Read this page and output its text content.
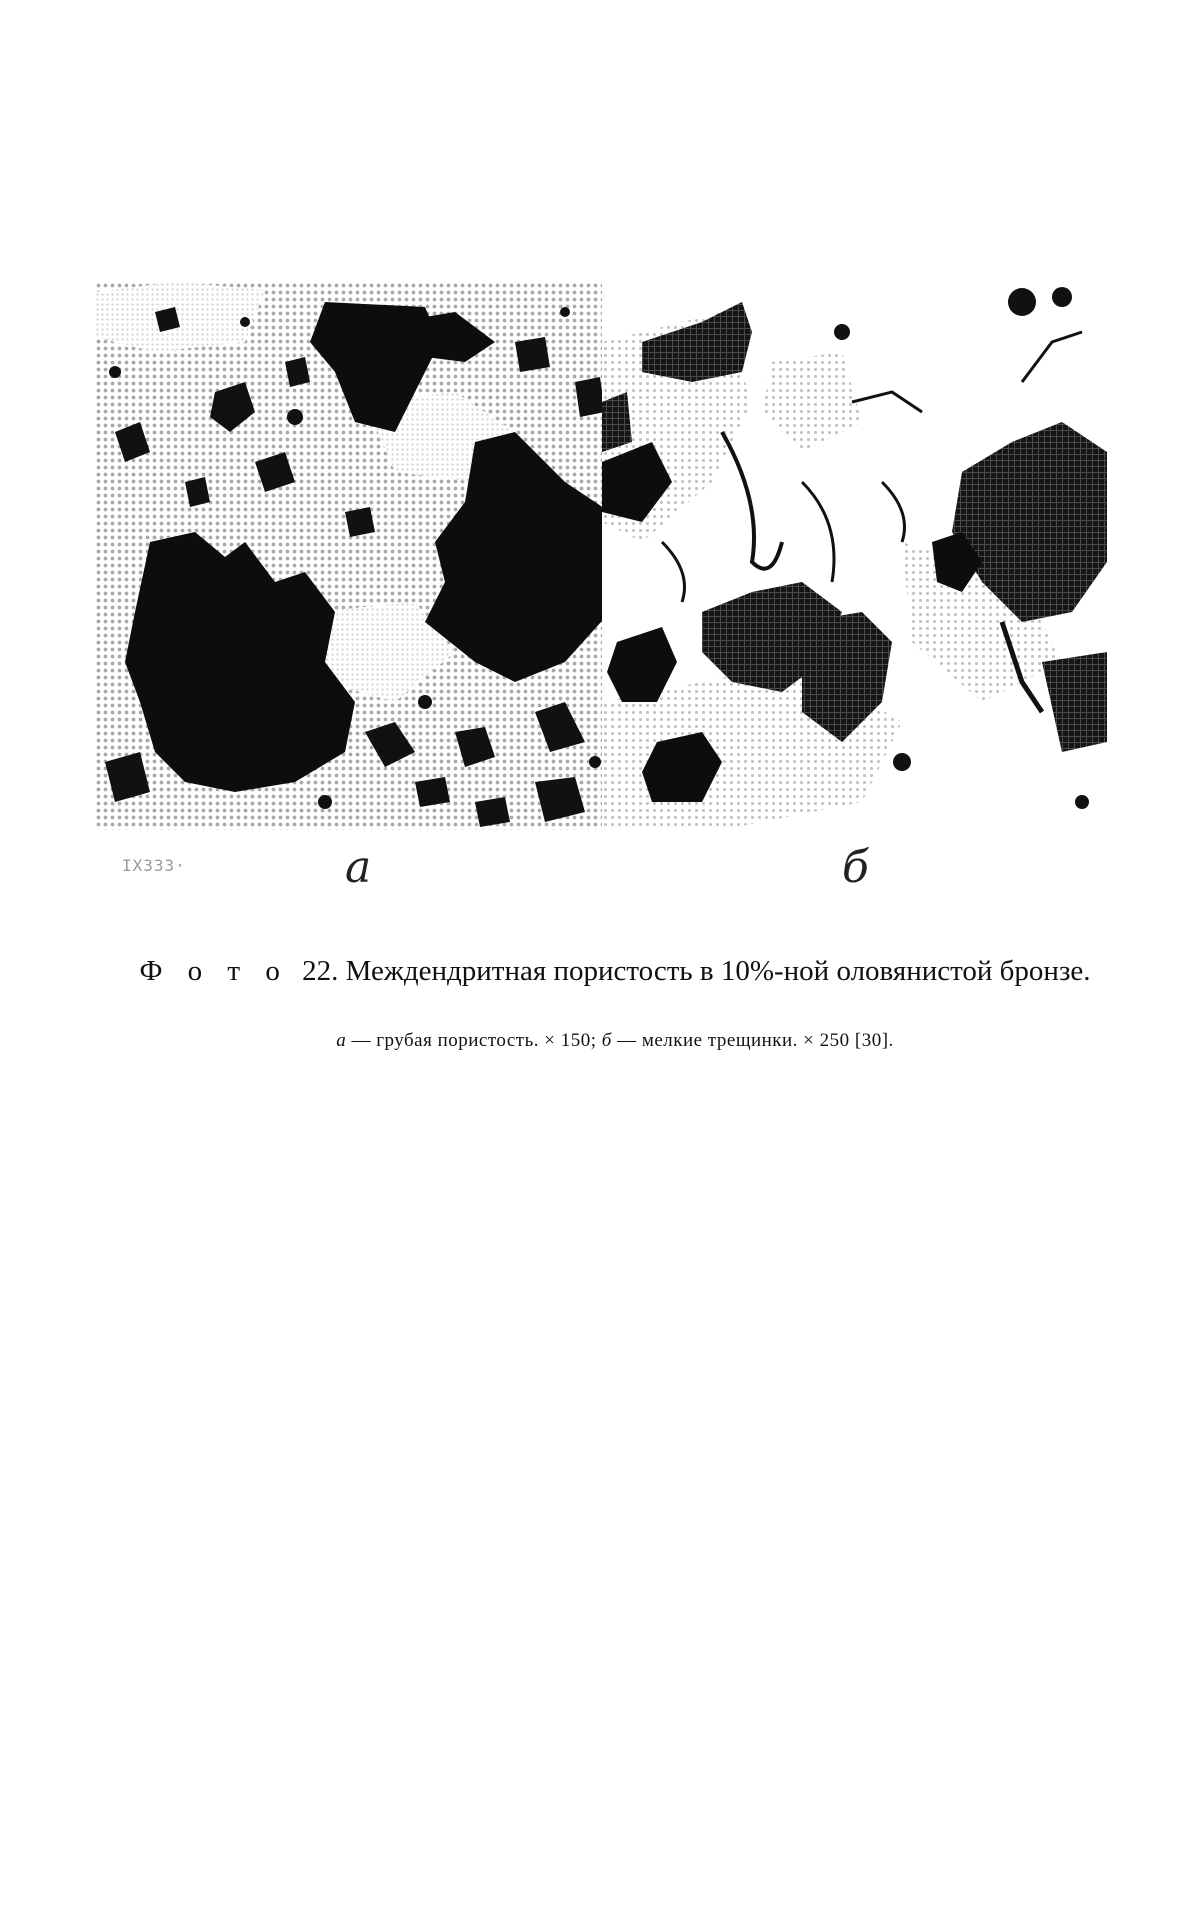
ІХЗЗЗ·	а	б
Ф о т о 22. Междендритная пористость в 10%-ной оловянистой бронзе.
а — грубая пористость. × 150; б — мелкие трещинки. × 250 [30].
